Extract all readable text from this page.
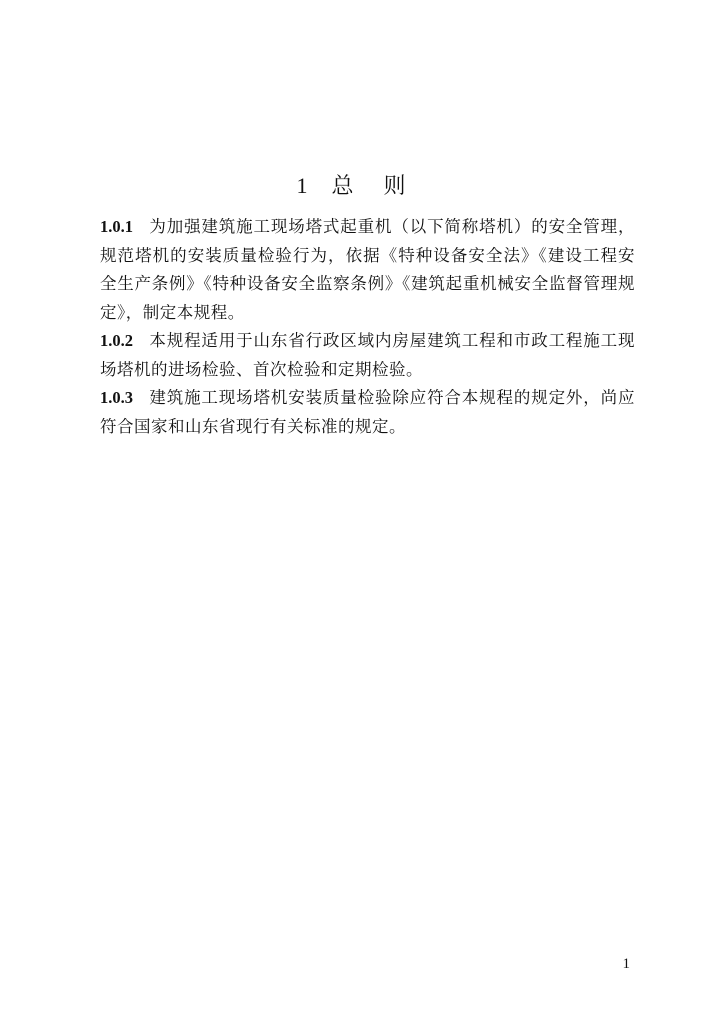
1 总　则
1.0.1 为加强建筑施工现场塔式起重机（以下简称塔机）的安全管理，规范塔机的安装质量检验行为，依据《特种设备安全法》《建设工程安全生产条例》《特种设备安全监察条例》《建筑起重机械安全监督管理规定》，制定本规程。
1.0.2 本规程适用于山东省行政区域内房屋建筑工程和市政工程施工现场塔机的进场检验、首次检验和定期检验。
1.0.3 建筑施工现场塔机安装质量检验除应符合本规程的规定外，尚应符合国家和山东省现行有关标准的规定。
1
